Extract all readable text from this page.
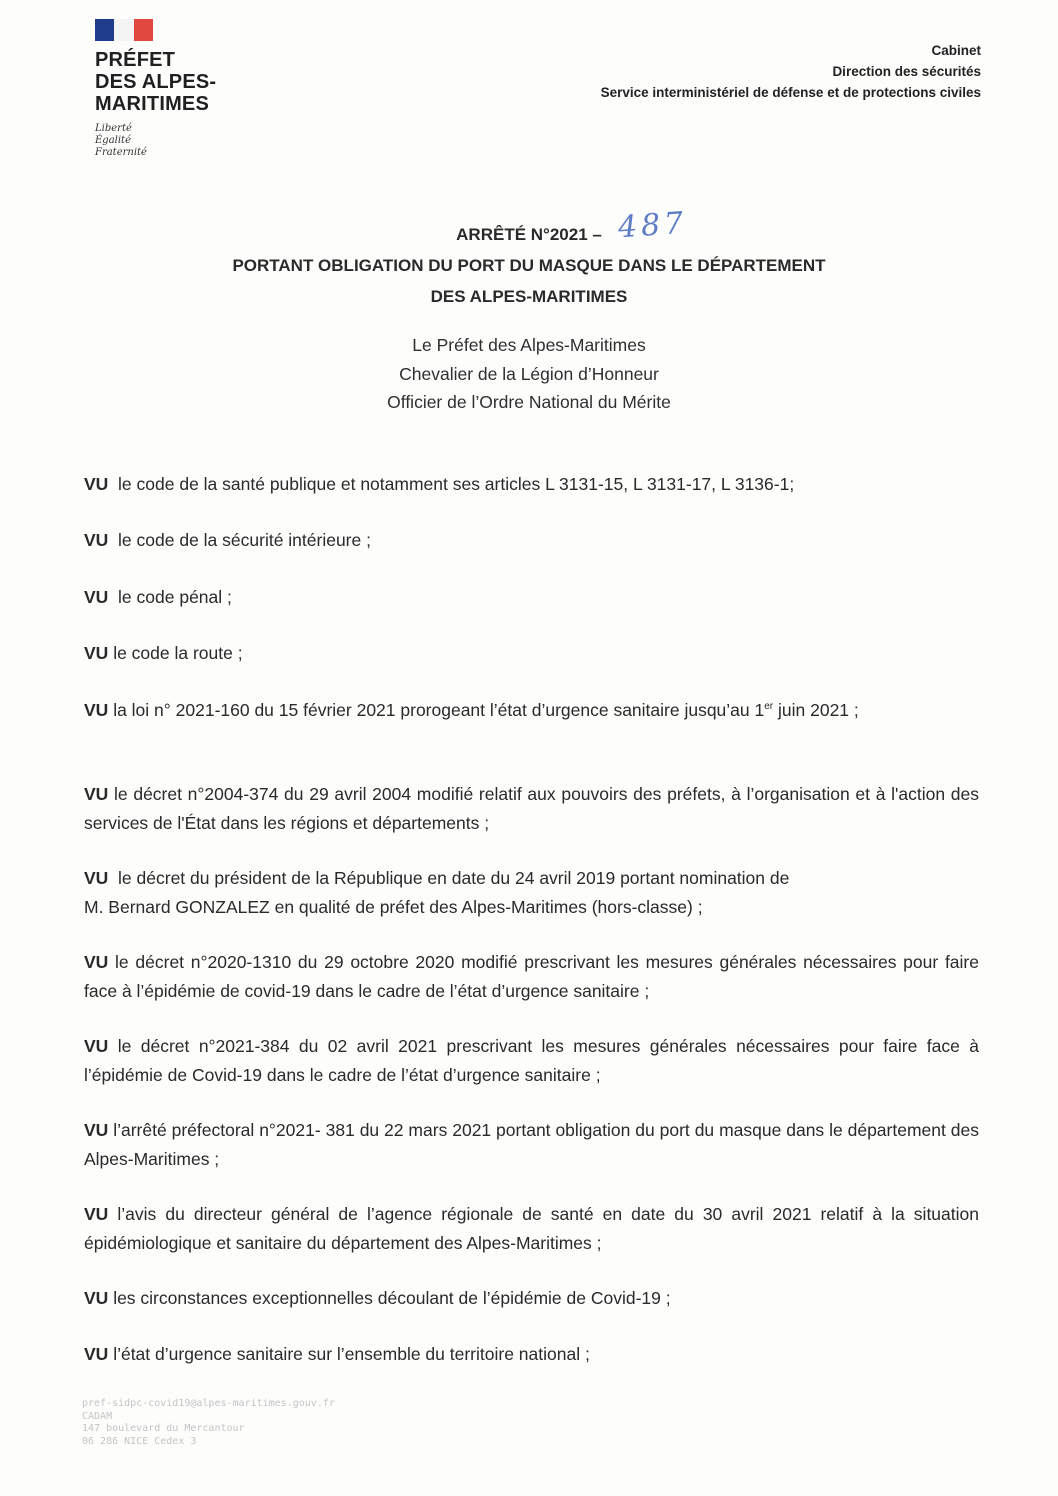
PRÉFET
DES ALPES-
MARITIMES
Liberté
Égalité
Fraternité
Cabinet
Direction des sécurités
Service interministériel de défense et de protections civiles
ARRÊTÉ N°2021 –
PORTANT OBLIGATION DU PORT DU MASQUE DANS LE DÉPARTEMENT
DES ALPES-MARITIMES
487
Le Préfet des Alpes-Maritimes
Chevalier de la Légion d’Honneur
Officier de l’Ordre National du Mérite
VU le code de la santé publique et notamment ses articles L 3131-15, L 3131-17, L 3136-1;
VU le code de la sécurité intérieure ;
VU le code pénal ;
VU le code la route ;
VU la loi n° 2021-160 du 15 février 2021 prorogeant l’état d’urgence sanitaire jusqu’au 1er juin 2021 ;
VU le décret n°2004-374 du 29 avril 2004 modifié relatif aux pouvoirs des préfets, à l’organisation et à l'action des services de l'État dans les régions et départements ;
VU le décret du président de la République en date du 24 avril 2019 portant nomination de
M. Bernard GONZALEZ en qualité de préfet des Alpes-Maritimes (hors-classe) ;
VU le décret n°2020-1310 du 29 octobre 2020 modifié prescrivant les mesures générales nécessaires pour faire face à l’épidémie de covid-19 dans le cadre de l’état d’urgence sanitaire ;
VU le décret n°2021-384 du 02 avril 2021 prescrivant les mesures générales nécessaires pour faire face à l’épidémie de Covid-19 dans le cadre de l’état d’urgence sanitaire ;
VU l’arrêté préfectoral n°2021- 381 du 22 mars 2021 portant obligation du port du masque dans le département des Alpes-Maritimes ;
VU l’avis du directeur général de l’agence régionale de santé en date du 30 avril 2021 relatif à la situation épidémiologique et sanitaire du département des Alpes-Maritimes ;
VU les circonstances exceptionnelles découlant de l’épidémie de Covid-19 ;
VU l’état d’urgence sanitaire sur l’ensemble du territoire national ;
pref-sidpc-covid19@alpes-maritimes.gouv.fr
CADAM
147 boulevard du Mercantour
06 286 NICE Cedex 3
